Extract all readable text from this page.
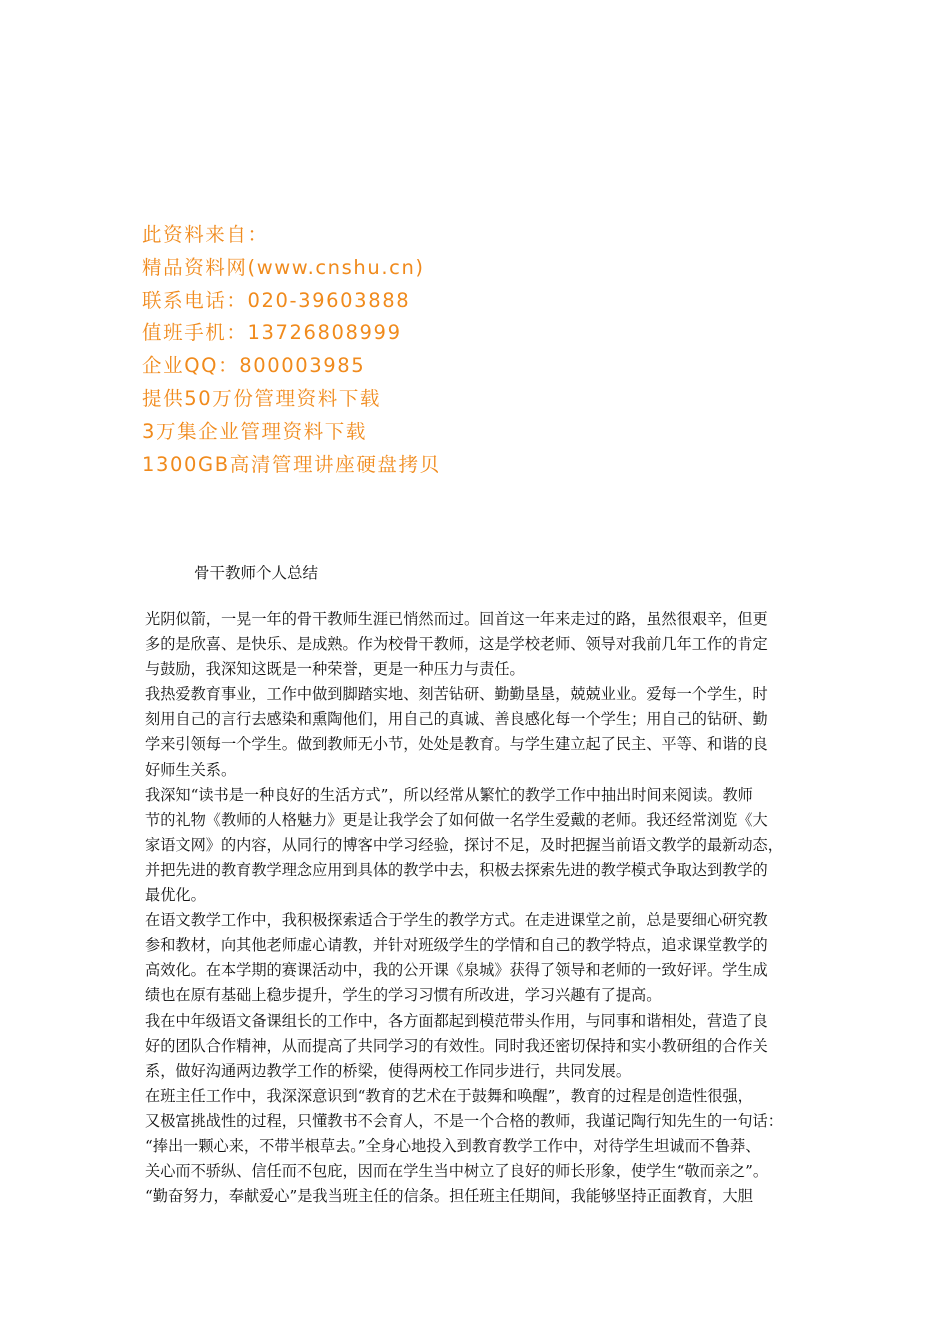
此资料来自：
精品资料网(www.cnshu.cn)
联系电话：020-39603888
值班手机：13726808999
企业QQ：800003985
提供50万份管理资料下载
3万集企业管理资料下载
1300GB高清管理讲座硬盘拷贝
骨干教师个人总结
光阴似箭，一晃一年的骨干教师生涯已悄然而过。回首这一年来走过的路，虽然很艰辛，但更
多的是欣喜、是快乐、是成熟。作为校骨干教师，这是学校老师、领导对我前几年工作的肯定
与鼓励，我深知这既是一种荣誉，更是一种压力与责任。
我热爱教育事业，工作中做到脚踏实地、刻苦钻研、勤勤垦垦，兢兢业业。爱每一个学生，时
刻用自己的言行去感染和熏陶他们，用自己的真诚、善良感化每一个学生；用自己的钻研、勤
学来引领每一个学生。做到教师无小节，处处是教育。与学生建立起了民主、平等、和谐的良
好师生关系。
我深知“读书是一种良好的生活方式”，所以经常从繁忙的教学工作中抽出时间来阅读。教师
节的礼物《教师的人格魅力》更是让我学会了如何做一名学生爱戴的老师。我还经常浏览《大
家语文网》的内容，从同行的博客中学习经验，探讨不足，及时把握当前语文教学的最新动态，
并把先进的教育教学理念应用到具体的教学中去，积极去探索先进的教学模式争取达到教学的
最优化。
在语文教学工作中，我积极探索适合于学生的教学方式。在走进课堂之前，总是要细心研究教
参和教材，向其他老师虚心请教，并针对班级学生的学情和自己的教学特点，追求课堂教学的
高效化。在本学期的赛课活动中，我的公开课《泉城》获得了领导和老师的一致好评。学生成
绩也在原有基础上稳步提升，学生的学习习惯有所改进，学习兴趣有了提高。
我在中年级语文备课组长的工作中，各方面都起到模范带头作用，与同事和谐相处，营造了良
好的团队合作精神，从而提高了共同学习的有效性。同时我还密切保持和实小教研组的合作关
系，做好沟通两边教学工作的桥梁，使得两校工作同步进行，共同发展。
在班主任工作中，我深深意识到“教育的艺术在于鼓舞和唤醒”，教育的过程是创造性很强，
又极富挑战性的过程，只懂教书不会育人，不是一个合格的教师，我谨记陶行知先生的一句话：
“捧出一颗心来，不带半根草去。”全身心地投入到教育教学工作中，对待学生坦诚而不鲁莽、
关心而不骄纵、信任而不包庇，因而在学生当中树立了良好的师长形象，使学生“敬而亲之”。
“勤奋努力，奉献爱心”是我当班主任的信条。担任班主任期间，我能够坚持正面教育，大胆
